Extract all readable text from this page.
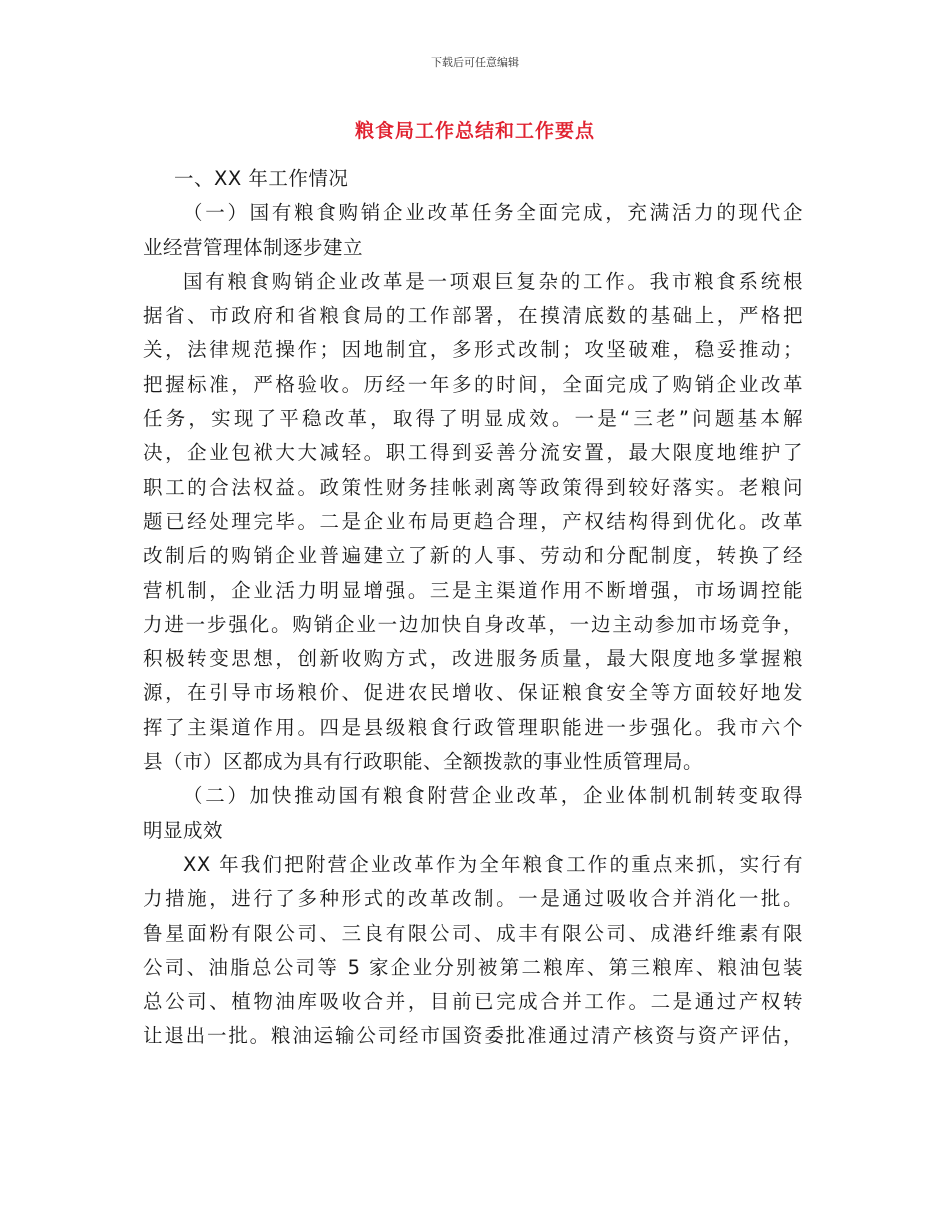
下载后可任意编辑
粮食局工作总结和工作要点
一、XX 年工作情况
（一）国有粮食购销企业改革任务全面完成，充满活力的现代企
业经营管理体制逐步建立
国有粮食购销企业改革是一项艰巨复杂的工作。我市粮食系统根
据省、市政府和省粮食局的工作部署，在摸清底数的基础上，严格把
关，法律规范操作；因地制宜，多形式改制；攻坚破难，稳妥推动；
把握标准，严格验收。历经一年多的时间，全面完成了购销企业改革
任务，实现了平稳改革，取得了明显成效。一是“三老”问题基本解
决，企业包袱大大减轻。职工得到妥善分流安置，最大限度地维护了
职工的合法权益。政策性财务挂帐剥离等政策得到较好落实。老粮问
题已经处理完毕。二是企业布局更趋合理，产权结构得到优化。改革
改制后的购销企业普遍建立了新的人事、劳动和分配制度，转换了经
营机制，企业活力明显增强。三是主渠道作用不断增强，市场调控能
力进一步强化。购销企业一边加快自身改革，一边主动参加市场竞争，
积极转变思想，创新收购方式，改进服务质量，最大限度地多掌握粮
源，在引导市场粮价、促进农民增收、保证粮食安全等方面较好地发
挥了主渠道作用。四是县级粮食行政管理职能进一步强化。我市六个
县（市）区都成为具有行政职能、全额拨款的事业性质管理局。
（二）加快推动国有粮食附营企业改革，企业体制机制转变取得
明显成效
XX 年我们把附营企业改革作为全年粮食工作的重点来抓，实行有
力措施，进行了多种形式的改革改制。一是通过吸收合并消化一批。
鲁星面粉有限公司、三良有限公司、成丰有限公司、成港纤维素有限
公司、油脂总公司等 5 家企业分别被第二粮库、第三粮库、粮油包装
总公司、植物油库吸收合并，目前已完成合并工作。二是通过产权转
让退出一批。粮油运输公司经市国资委批准通过清产核资与资产评估，
